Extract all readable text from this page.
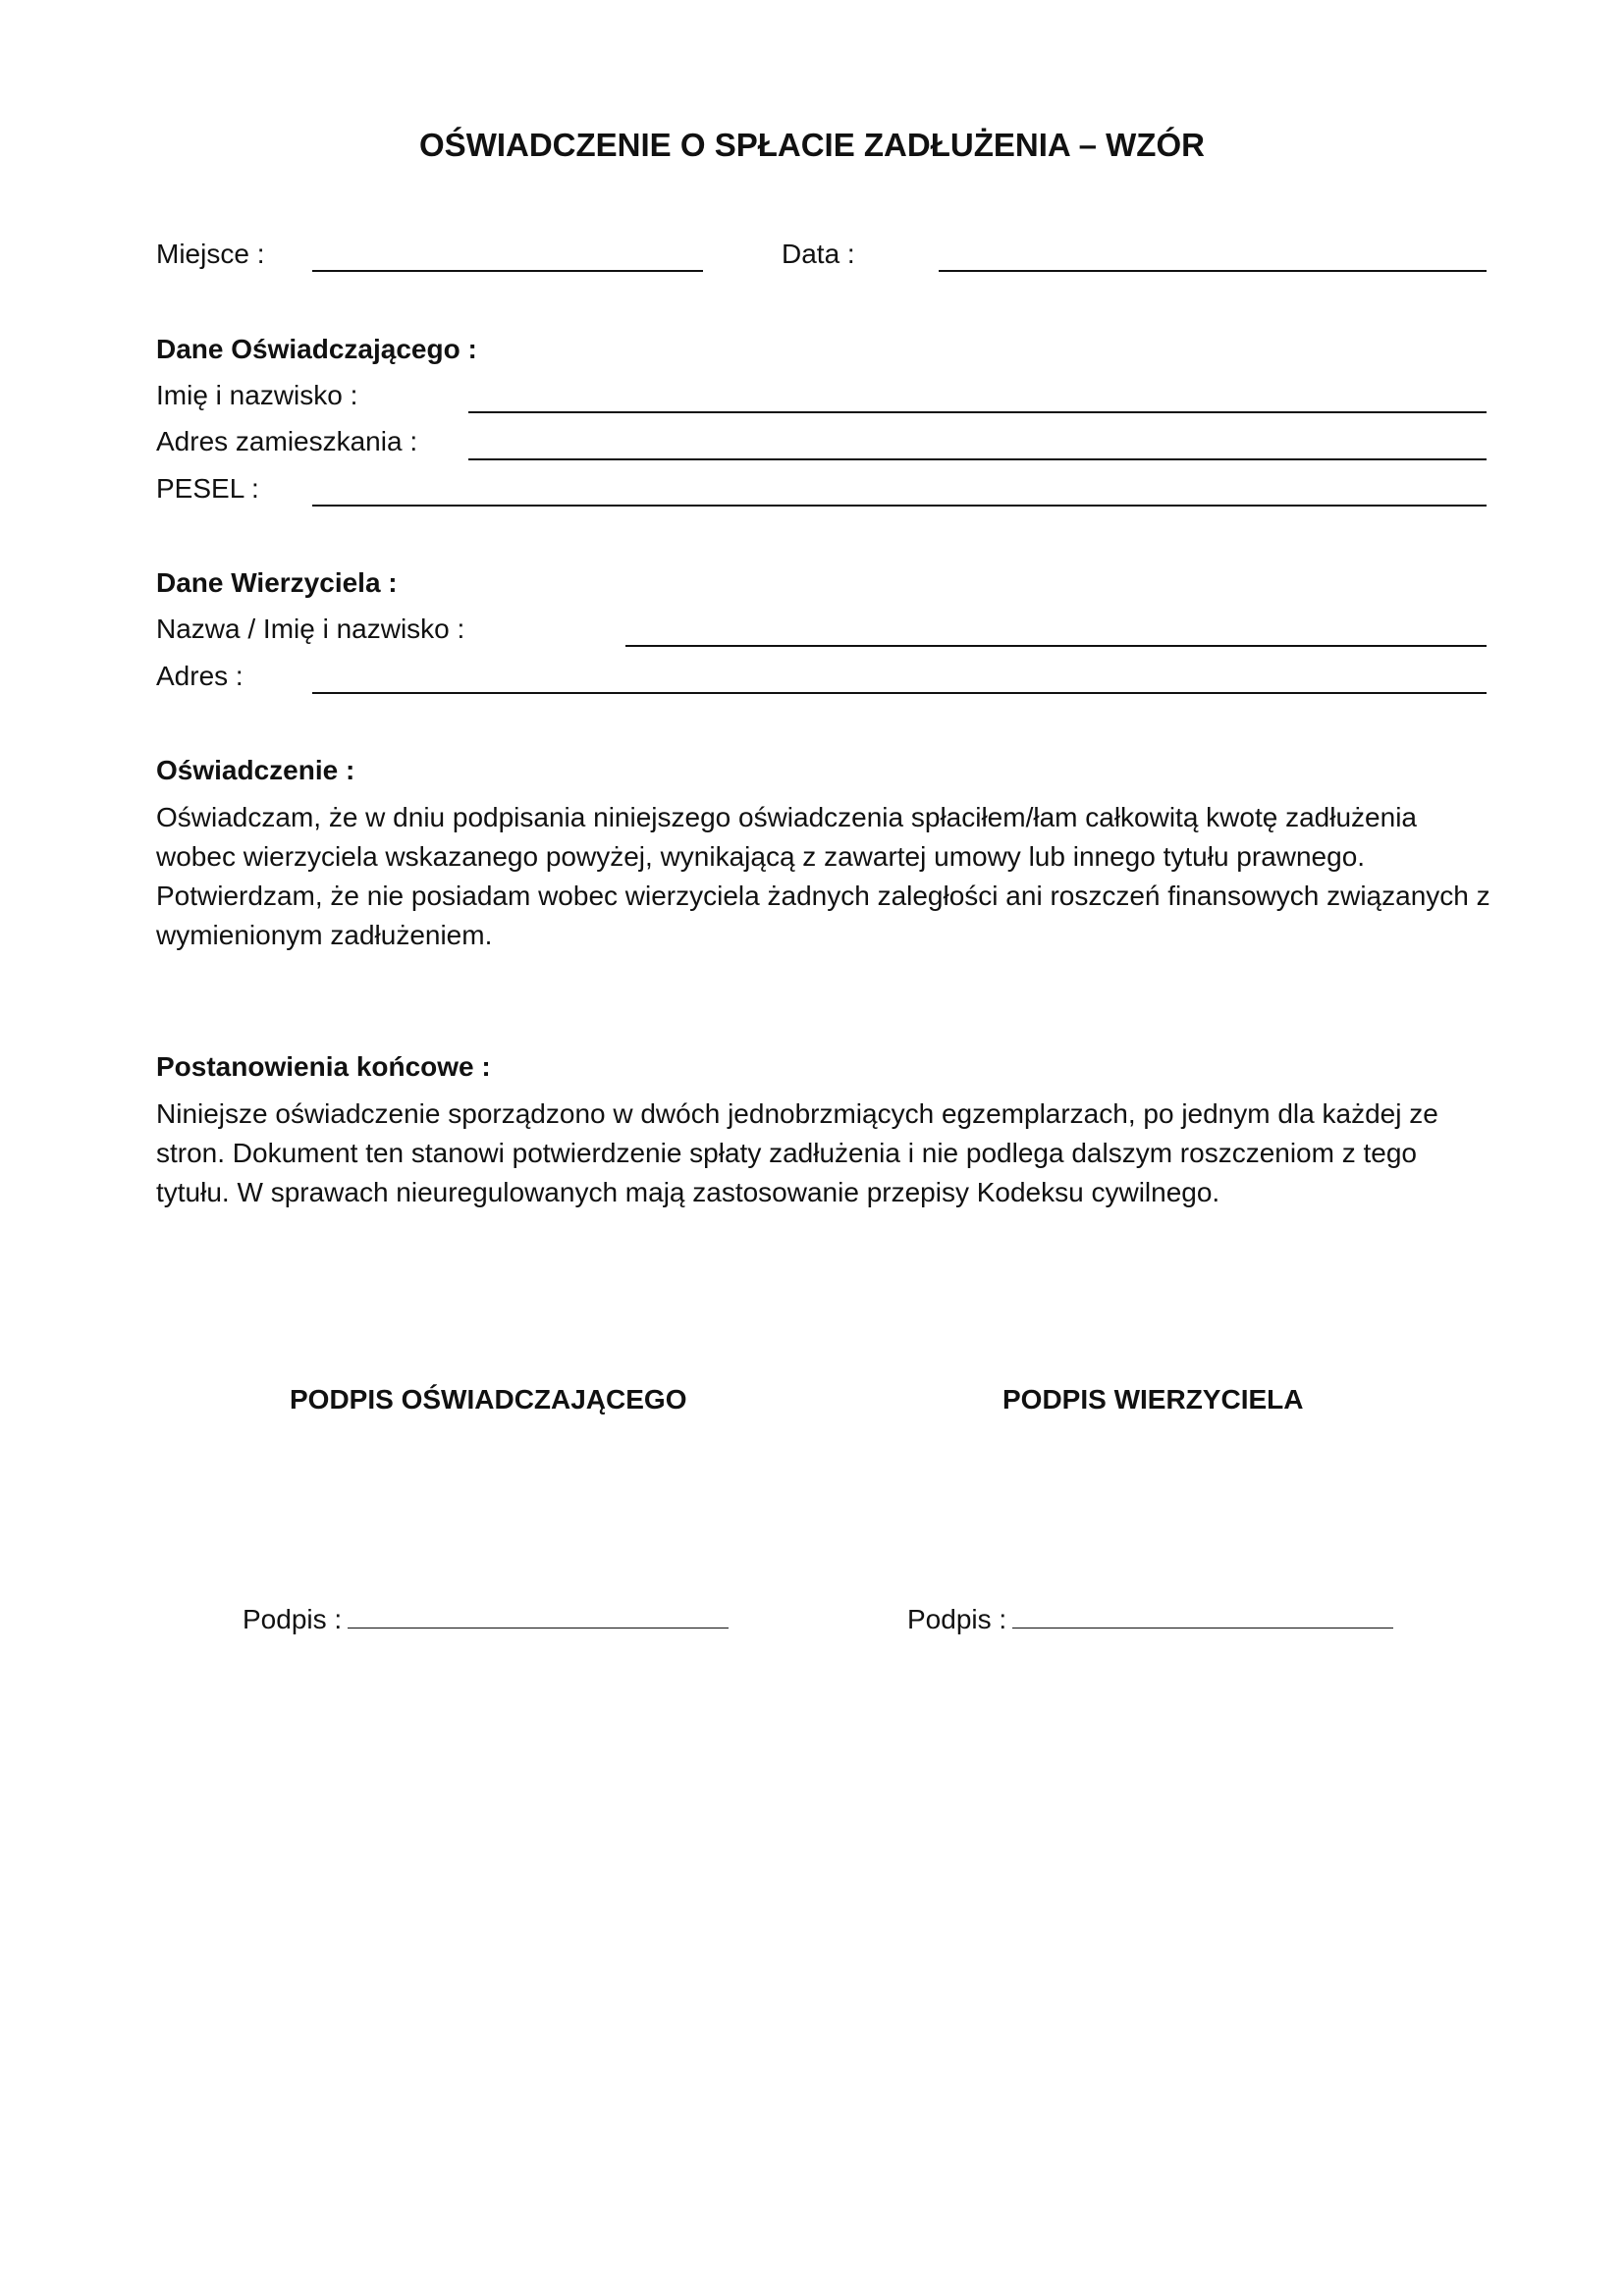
OŚWIADCZENIE O SPŁACIE ZADŁUŻENIA – WZÓR
Miejsce :	Data :
Dane Oświadczającego :
Imię i nazwisko :
Adres zamieszkania :
PESEL :
Dane Wierzyciela :
Nazwa / Imię i nazwisko :
Adres :
Oświadczenie :

Oświadczam, że w dniu podpisania niniejszego oświadczenia spłaciłem/łam całkowitą kwotę zadłużenia wobec wierzyciela wskazanego powyżej, wynikającą z zawartej umowy lub innego tytułu prawnego. Potwierdzam, że nie posiadam wobec wierzyciela żadnych zaległości ani roszczeń finansowych związanych z wymienionym zadłużeniem.

Postanowienia końcowe :

Niniejsze oświadczenie sporządzono w dwóch jednobrzmiących egzemplarzach, po jednym dla każdej ze stron. Dokument ten stanowi potwierdzenie spłaty zadłużenia i nie podlega dalszym roszczeniom z tego tytułu. W sprawach nieuregulowanych mają zastosowanie przepisy Kodeksu cywilnego.

PODPIS OŚWIADCZAJĄCEGO	PODPIS WIERZYCIELA
Podpis :	Podpis :
